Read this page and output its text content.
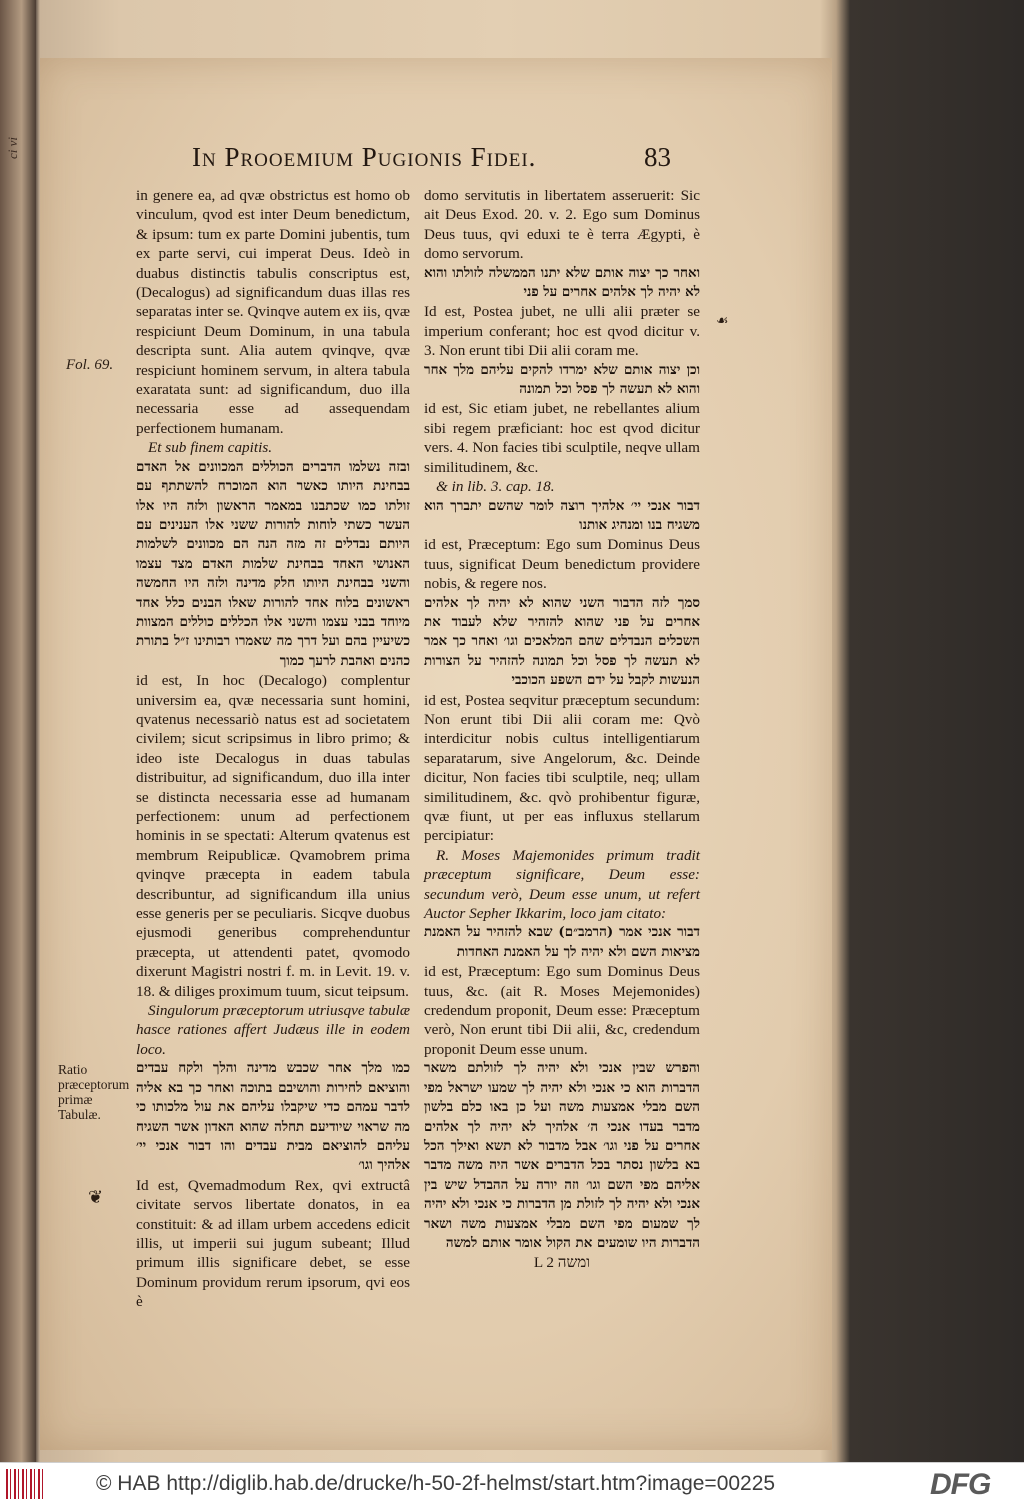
ci vi	In Prooemium Pugionis Fidei.	83
Fol. 69.
Ratio præceptorum primæ Tabulæ.
☙
❦

in genere ea, ad qvæ obstrictus est homo ob vinculum, qvod est inter Deum benedictum, & ipsum: tum ex parte Domini jubentis, tum ex parte servi, cui imperat Deus. Ideò in duabus distinctis tabulis conscriptus est, (Decalogus) ad significandum duas illas res separatas inter se. Qvinqve autem ex iis, qvæ respiciunt Deum Dominum, in una tabula descripta sunt. Alia autem qvinqve, qvæ respiciunt hominem servum, in altera tabula exaratata sunt: ad significandum, duo illa necessaria esse ad assequendam perfectionem humanam.

Et sub finem capitis.

ובזה נשלמו הדברים הכוללים המכוונים אל האדם בבחינת היותו כאשר הוא המוכרח להשתתף עם זולתו כמו שכתבנו במאמר הראשון ולזה היו אלו העשר כשתי לוחות להורות ששני אלו הענינים עם היותם נבדלים זה מזה הנה הם מכוונים לשלמות האנושי האחד בבחינת שלמות האדם מצד עצמו והשני בבחינת היותו חלק מדינה ולזה היו החמשה ראשונים בלוח אחד להורות שאלו הבנים כלל אחד מיוחד בבני עצמו והשני אלו הכללים כוללים המצוות כשיעיין בהם ועל דרך מה שאמרו רבותינו ז״ל בתורת כהנים ואהבת לרעך כמוך

id est, In hoc (Decalogo) complentur universim ea, qvæ necessaria sunt homini, qvatenus necessariò natus est ad societatem civilem; sicut scripsimus in libro primo; & ideo iste Decalogus in duas tabulas distribuitur, ad significandum, duo illa inter se distincta necessaria esse ad humanam perfectionem: unum ad perfectionem hominis in se spectati: Alterum qvatenus est membrum Reipublicæ. Qvamobrem prima qvinqve præcepta in eadem tabula describuntur, ad significandum illa unius esse generis per se peculiaris. Sicqve duobus ejusmodi generibus comprehenduntur præcepta, ut attendenti patet, qvomodo dixerunt Magistri nostri f. m. in Levit. 19. v. 18. & diliges proximum tuum, sicut teipsum.

Singulorum præceptorum utriusqve tabulæ hasce rationes affert Judæus ille in eodem loco.

כמו מלך אחר שכבש מדינה והלך ולקח עבדים והוציאם לחירות והושיבם בתוכה ואחר כך בא אליה לדבר עמהם כדי שיקבלו עליהם את עול מלכותו כי מה שראוי שיודיעם תחלה שהוא האדון אשר השגיח עליהם להוציאם מבית עבדים והו דבור אנכי יי׳ אלהיך וגו׳

Id est, Qvemadmodum Rex, qvi extructâ civitate servos libertate donatos, in ea constituit: & ad illam urbem accedens edicit illis, ut imperii sui jugum subeant; Illud primum illis significare debet, se esse Dominum providum rerum ipsorum, qvi eos è

domo servitutis in libertatem asseruerit: Sic ait Deus Exod. 20. v. 2. Ego sum Dominus Deus tuus, qvi eduxi te è terra Ægypti, è domo servorum.

ואחר כך יצוה אותם שלא יתנו הממשלה לזולתו והוא לא יהיה לך אלהים אחרים על פני

Id est, Postea jubet, ne ulli alii præter se imperium conferant; hoc est qvod dicitur v. 3. Non erunt tibi Dii alii coram me.

וכן יצוה אותם שלא ימרדו להקים עליהם מלך אחר והוא לא תעשה לך פסל וכל תמונה

id est, Sic etiam jubet, ne rebellantes alium sibi regem præficiant: hoc est qvod dicitur vers. 4. Non facies tibi sculptile, neqve ullam similitudinem, &c.

& in lib. 3. cap. 18.

דבור אנכי יי׳ אלהיך רוצה לומר שהשם יתברך הוא משגיח בנו ומנהיג אותנו

id est, Præceptum: Ego sum Dominus Deus tuus, significat Deum benedictum providere nobis, & regere nos.

סמך לזה הדבור השני שהוא לא יהיה לך אלהים אחרים על פני שהוא להזהיר שלא לעבוד את השכלים הנבדלים שהם המלאכים וגו׳ ואחר כך אמר לא תעשה לך פסל וכל תמונה להזהיר על הצורות הנעשות לקבל על ידם השפע הכוכבי

id est, Postea seqvitur præceptum secundum: Non erunt tibi Dii alii coram me: Qvò interdicitur nobis cultus intelligentiarum separatarum, sive Angelorum, &c. Deinde dicitur, Non facies tibi sculptile, neq; ullam similitudinem, &c. qvò prohibentur figuræ, qvæ fiunt, ut per eas influxus stellarum percipiatur:

R. Moses Majemonides primum tradit præceptum significare, Deum esse: secundum verò, Deum esse unum, ut refert Auctor Sepher Ikkarim, loco jam citato:

דבור אנכי אמר (הרמב״ם) שבא להזהיר על האמנת מציאות השם ולא יהיה לך על האמנת האחדות

id est, Præceptum: Ego sum Dominus Deus tuus, &c. (ait R. Moses Mejemonides) credendum proponit, Deum esse: Præceptum verò, Non erunt tibi Dii alii, &c, credendum proponit Deum esse unum.

והפרש שבין אנכי ולא יהיה לך לזולתם משאר הדברות הוא כי אנכי ולא יהיה לך שמעו ישראל מפי השם מבלי אמצעות משה ועל כן באו כלם בלשון מדבר בעדו אנכי ה׳ אלהיך לא יהיה לך אלהים אחרים על פני וגו׳ אבל מדבור לא תשא ואילך הכל בא בלשון נסתר בכל הדברים אשר היה משה מדבר אליהם מפי השם וגו׳ וזה יורה על ההבדל שיש בין אנכי ולא יהיה לך לזולת מן הדברות כי אנכי ולא יהיה לך שמעום מפי השם מבלי אמצעות משה ושאר הדברות היו שומעים את הקול אומר אותם למשה

L 2 ומשה

© HAB http://diglib.hab.de/drucke/h-50-2f-helmst/start.htm?image=00225	DFG
